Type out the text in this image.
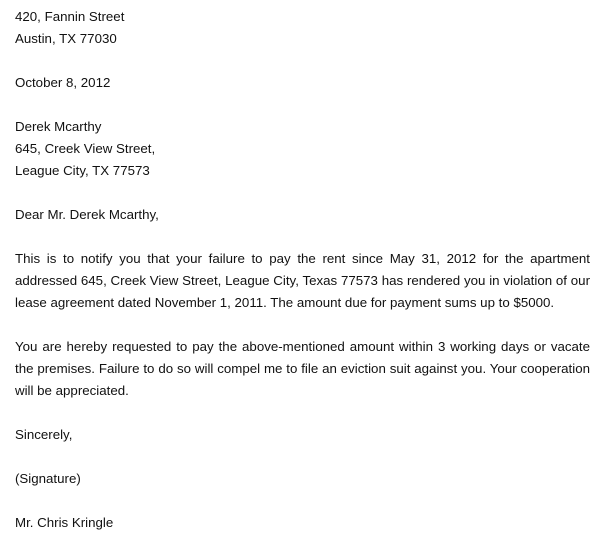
420, Fannin Street
Austin, TX 77030
October 8, 2012
Derek Mcarthy
645, Creek View Street,
League City, TX 77573
Dear Mr. Derek Mcarthy,

This is to notify you that your failure to pay the rent since May 31, 2012 for the apartment addressed 645, Creek View Street, League City, Texas 77573 has rendered you in violation of our lease agreement dated November 1, 2011. The amount due for payment sums up to $5000.

You are hereby requested to pay the above-mentioned amount within 3 working days or vacate the premises. Failure to do so will compel me to file an eviction suit against you. Your cooperation will be appreciated.

Sincerely,
(Signature)
Mr. Chris Kringle
